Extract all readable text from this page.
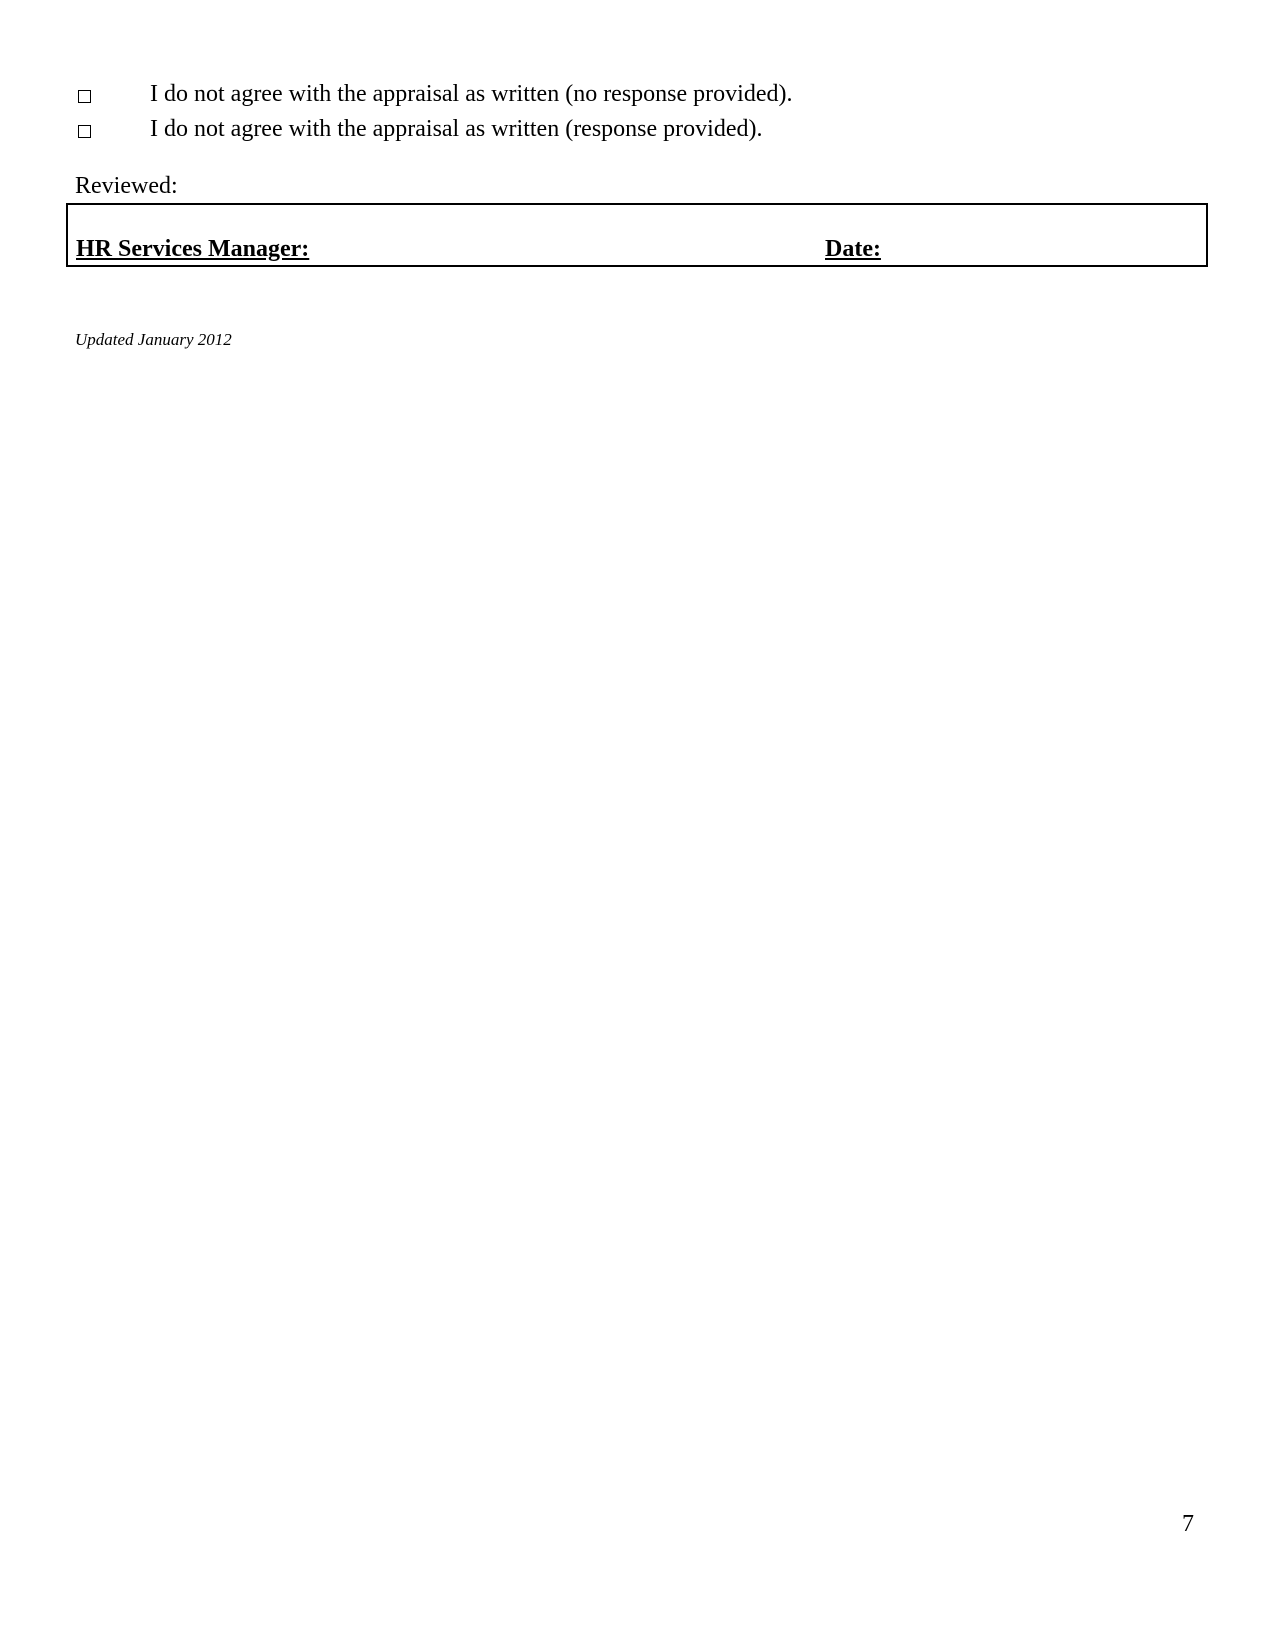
I do not agree with the appraisal as written (no response provided).
I do not agree with the appraisal as written (response provided).
Reviewed:
HR Services Manager:	Date:
Updated January 2012
7
